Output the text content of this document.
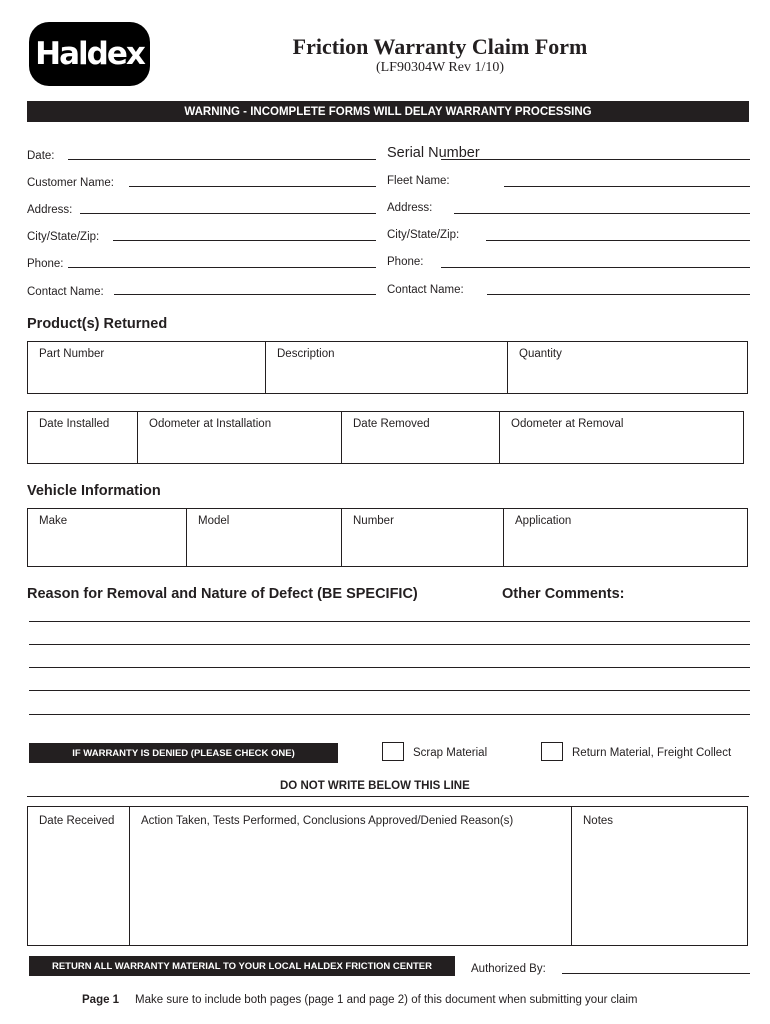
Haldex	Friction Warranty Claim Form
(LF90304W Rev 1/10)
WARNING - INCOMPLETE FORMS WILL DELAY WARRANTY PROCESSING
Date:
Customer Name:
Address:
City/State/Zip:
Phone:
Contact Name:
Serial Number
Fleet Name:
Address:
City/State/Zip:
Phone:
Contact Name:
Product(s) Returned
Part Number	Description	Quantity
Date Installed	Odometer at Installation	Date Removed	Odometer at Removal
Vehicle Information
Make	Model	Number	Application
Reason for Removal and Nature of Defect (BE SPECIFIC)	Other Comments:
IF WARRANTY IS DENIED (PLEASE CHECK ONE)	Scrap Material	Return Material, Freight Collect
DO NOT WRITE BELOW THIS LINE
Date Received	Action Taken, Tests Performed, Conclusions Approved/Denied Reason(s)	Notes
RETURN ALL WARRANTY MATERIAL TO YOUR LOCAL HALDEX FRICTION CENTER	Authorized By:
Page 1 Make sure to include both pages (page 1 and page 2) of this document when submitting your claim
